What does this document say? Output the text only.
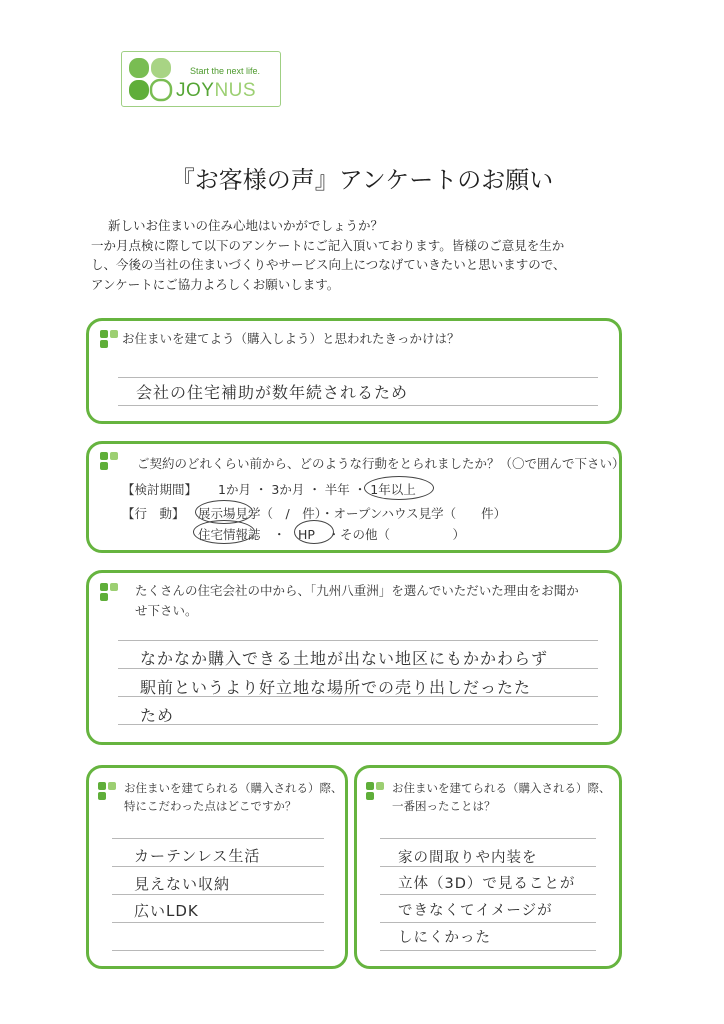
Start the next life.
JOYNUS
『お客様の声』アンケートのお願い

新しいお住まいの住み心地はいかがでしょうか？

一か月点検に際して以下のアンケートにご記入頂いております。皆様のご意見を生か

し、今後の当社の住まいづくりやサービス向上につなげていきたいと思いますので、

アンケートにご協力よろしくお願いします。

お住まいを建てよう（購入しよう）と思われたきっかけは？
会社の住宅補助が数年続されるため
ご契約のどれくらい前から、どのような行動をとられましたか？（〇で囲んで下さい）
【検討期間】 1か月 ・ 3か月 ・ 半年 ・ 1年以上
【行　動】 展示場見学（　/　件）・オープンハウス見学（　　件）
住宅情報誌　・　HP　・その他（　　　　　）
たくさんの住宅会社の中から、「九州八重洲」を選んでいただいた理由をお聞か
せ下さい。
なかなか購入できる土地が出ない地区にもかかわらず
駅前というより好立地な場所での売り出しだったた
ため
お住まいを建てられる（購入される）際、
特にこだわった点はどこですか？
カーテンレス生活
見えない収納
広いLDK
お住まいを建てられる（購入される）際、
一番困ったことは？
家の間取りや内装を
立体（3D）で見ることが
できなくてイメージが
しにくかった
